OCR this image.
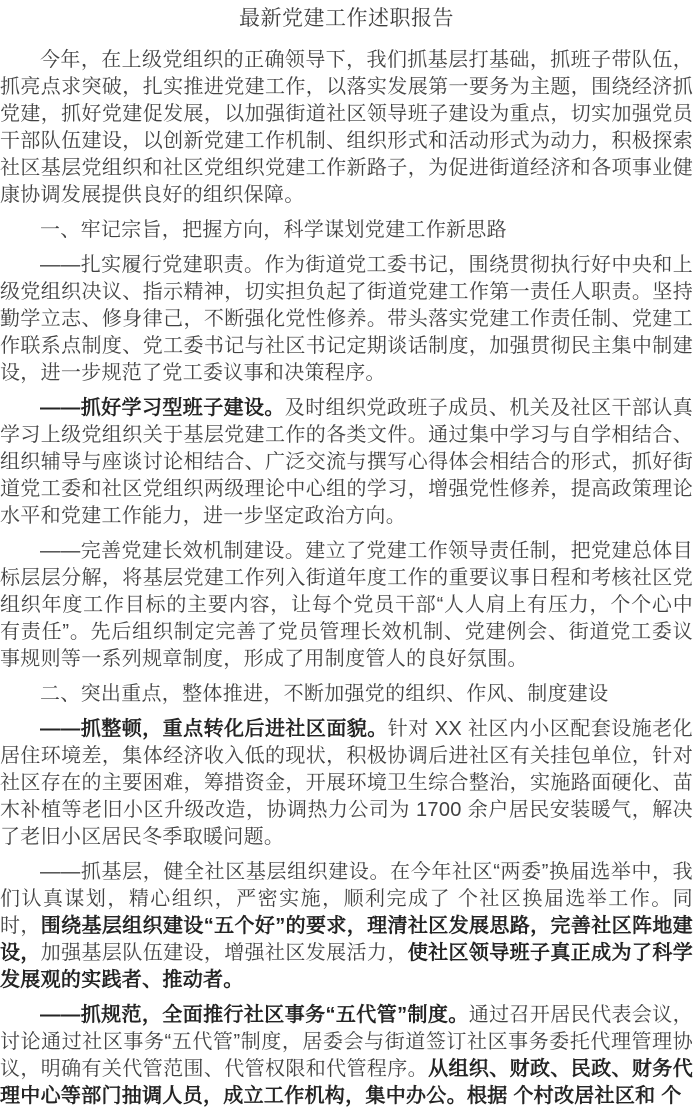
最新党建工作述职报告

今年，在上级党组织的正确领导下，我们抓基层打基础，抓班子带队伍，抓亮点求突破，扎实推进党建工作，以落实发展第一要务为主题，围绕经济抓党建，抓好党建促发展，以加强街道社区领导班子建设为重点，切实加强党员干部队伍建设，以创新党建工作机制、组织形式和活动形式为动力，积极探索社区基层党组织和社区党组织党建工作新路子，为促进街道经济和各项事业健康协调发展提供良好的组织保障。

一、牢记宗旨，把握方向，科学谋划党建工作新思路

——扎实履行党建职责。作为街道党工委书记，围绕贯彻执行好中央和上级党组织决议、指示精神，切实担负起了街道党建工作第一责任人职责。坚持勤学立志、修身律己，不断强化党性修养。带头落实党建工作责任制、党建工作联系点制度、党工委书记与社区书记定期谈话制度，加强贯彻民主集中制建设，进一步规范了党工委议事和决策程序。

——抓好学习型班子建设。及时组织党政班子成员、机关及社区干部认真学习上级党组织关于基层党建工作的各类文件。通过集中学习与自学相结合、组织辅导与座谈讨论相结合、广泛交流与撰写心得体会相结合的形式，抓好街道党工委和社区党组织两级理论中心组的学习，增强党性修养，提高政策理论水平和党建工作能力，进一步坚定政治方向。

——完善党建长效机制建设。建立了党建工作领导责任制，把党建总体目标层层分解，将基层党建工作列入街道年度工作的重要议事日程和考核社区党组织年度工作目标的主要内容，让每个党员干部“人人肩上有压力，个个心中有责任”。先后组织制定完善了党员管理长效机制、党建例会、街道党工委议事规则等一系列规章制度，形成了用制度管人的良好氛围。

二、突出重点，整体推进，不断加强党的组织、作风、制度建设

——抓整顿，重点转化后进社区面貌。针对 XX 社区内小区配套设施老化居住环境差，集体经济收入低的现状，积极协调后进社区有关挂包单位，针对社区存在的主要困难，筹措资金，开展环境卫生综合整治，实施路面硬化、苗木补植等老旧小区升级改造，协调热力公司为 1700 余户居民安装暖气，解决了老旧小区居民冬季取暖问题。

——抓基层，健全社区基层组织建设。在今年社区“两委”换届选举中，我们认真谋划，精心组织，严密实施，顺利完成了 个社区换届选举工作。同时，围绕基层组织建设“五个好”的要求，理清社区发展思路，完善社区阵地建设，加强基层队伍建设，增强社区发展活力，使社区领导班子真正成为了科学发展观的实践者、推动者。

——抓规范，全面推行社区事务“五代管”制度。通过召开居民代表会议，讨论通过社区事务“五代管”制度，居委会与街道签订社区事务委托代理管理协议，明确有关代管范围、代管权限和代管程序。从组织、财政、民政、财务代理中心等部门抽调人员，成立工作机构，集中办公。根据 个村改居社区和 个
